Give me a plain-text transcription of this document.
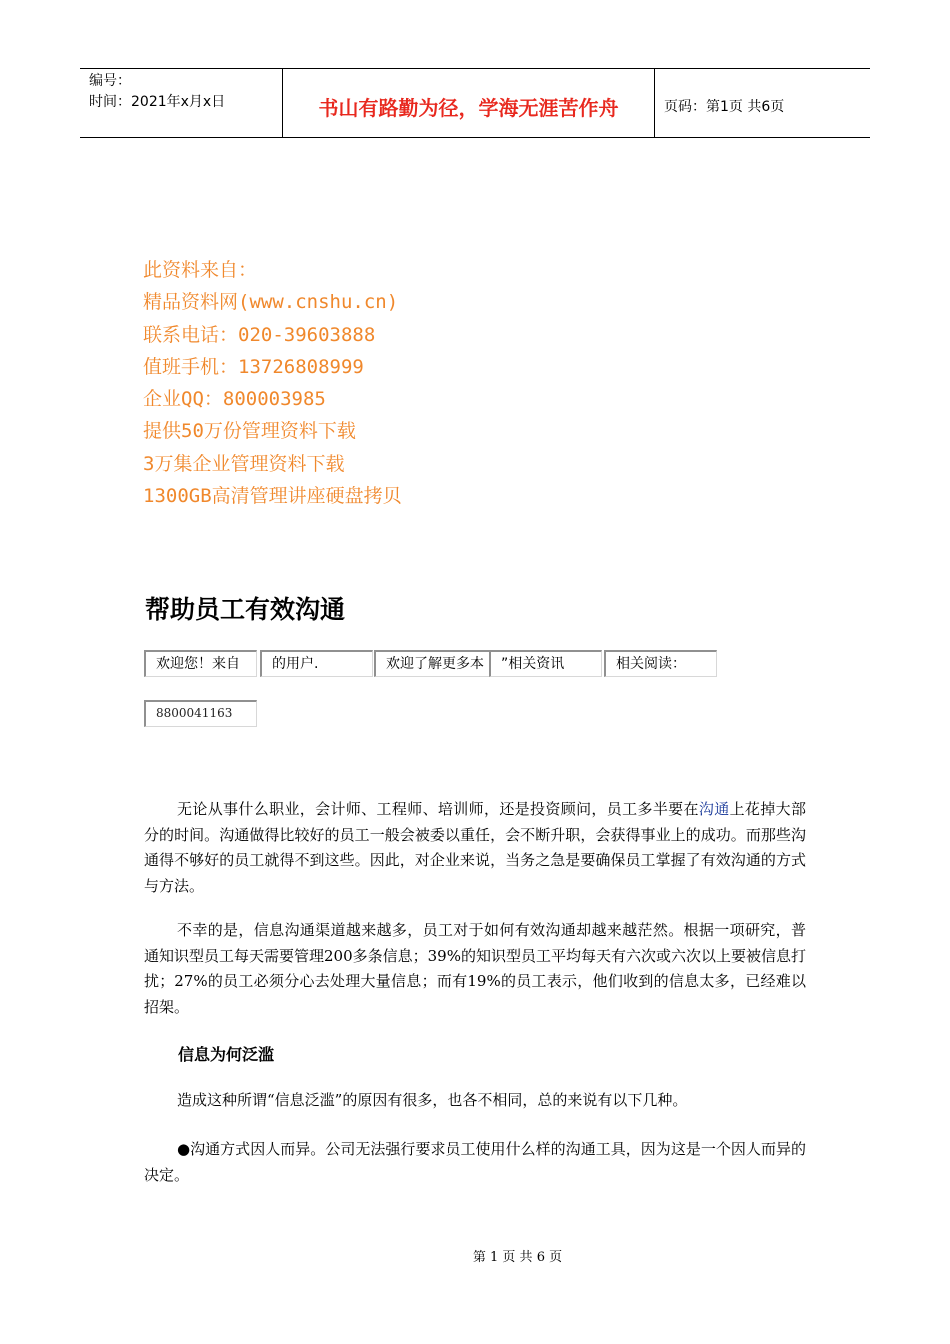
编号：
时间：2021年x月x日	书山有路勤为径，学海无涯苦作舟	页码：第1页 共6页
此资料来自：
精品资料网(www.cnshu.cn)
联系电话：020-39603888
值班手机：13726808999
企业QQ：800003985
提供50万份管理资料下载
3万集企业管理资料下载
1300GB高清管理讲座硬盘拷贝
帮助员工有效沟通
欢迎您！来自	的用户.	欢迎了解更多本	”相关资讯	相关阅读：
8800041163

无论从事什么职业，会计师、工程师、培训师，还是投资顾问，员工多半要在沟通上花掉大部分的时间。沟通做得比较好的员工一般会被委以重任，会不断升职，会获得事业上的成功。而那些沟通得不够好的员工就得不到这些。因此，对企业来说，当务之急是要确保员工掌握了有效沟通的方式与方法。

不幸的是，信息沟通渠道越来越多，员工对于如何有效沟通却越来越茫然。根据一项研究，普通知识型员工每天需要管理200多条信息；39%的知识型员工平均每天有六次或六次以上要被信息打扰；27%的员工必须分心去处理大量信息；而有19%的员工表示，他们收到的信息太多，已经难以招架。

信息为何泛滥

造成这种所谓“信息泛滥”的原因有很多，也各不相同，总的来说有以下几种。

●沟通方式因人而异。公司无法强行要求员工使用什么样的沟通工具，因为这是一个因人而异的决定。

第 1 页 共 6 页
